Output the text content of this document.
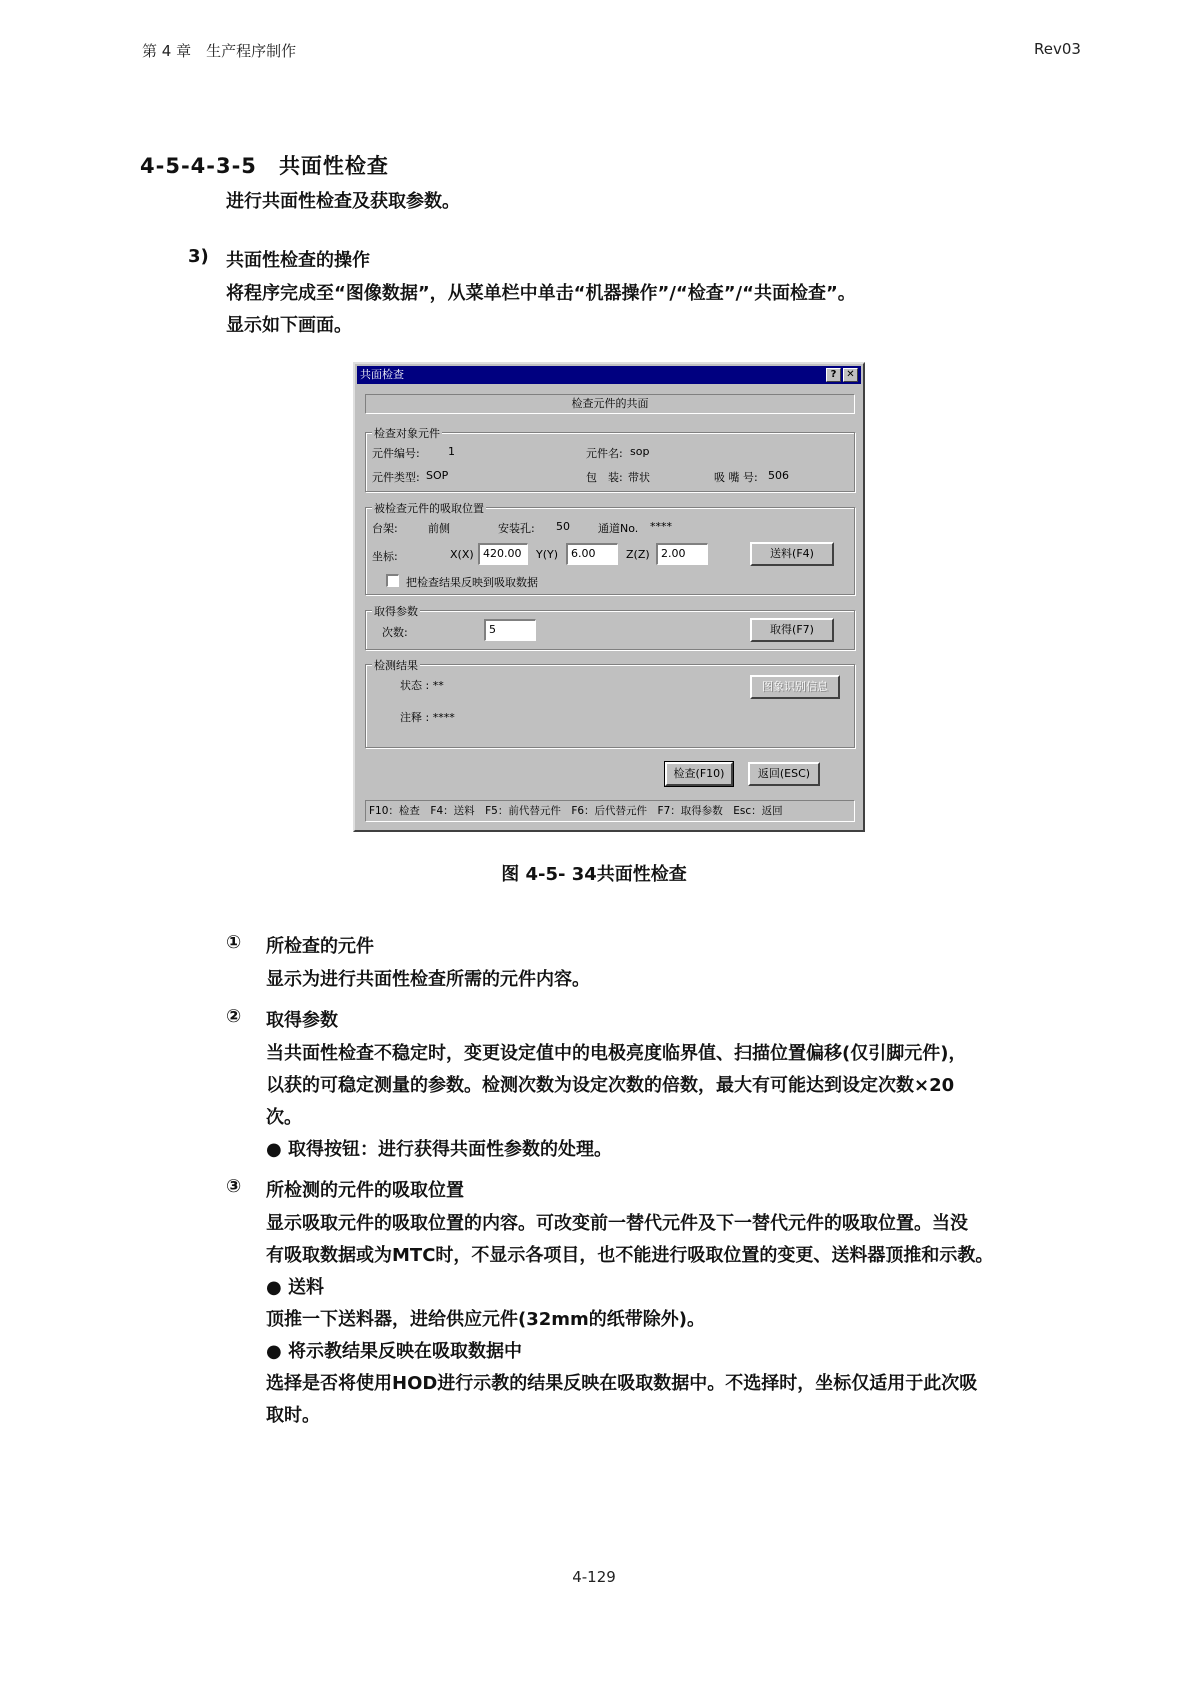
第 4 章　生产程序制作	Rev03
4-5-4-3-5 共面性检查
进行共面性检查及获取参数。
3) 共面性检查的操作
将程序完成至“图像数据”，从菜单栏中单击“机器操作”/“检查”/“共面检查”。
显示如下画面。
共面检查	? ✕
检查元件的共面
检查对象元件
元件编号:	1	元件名: sop
元件类型: SOP	包　装: 带状	吸 嘴 号: 506
被检查元件的吸取位置
台架:	前侧	安装孔: 50	通道No. ****
坐标:	X(X) 420.00	Y(Y)	6.00	Z(Z)	2.00	送料(F4)
把检查结果反映到吸取数据
取得参数
次数:	5	取得(F7)
检测结果
状态 : **
注释 : ****
图象识别信息
检查(F10)	返回(ESC)
F10：检查　F4：送料　F5：前代替元件　F6：后代替元件　F7：取得参数　Esc：返回
图 4-5- 34共面性检查
① 所检查的元件
显示为进行共面性检查所需的元件内容。
② 取得参数
当共面性检查不稳定时，变更设定值中的电极亮度临界值、扫描位置偏移(仅引脚元件)，
以获的可稳定测量的参数。检测次数为设定次数的倍数，最大有可能达到设定次数×20
次。
● 取得按钮：进行获得共面性参数的处理。
③ 所检测的元件的吸取位置
显示吸取元件的吸取位置的内容。可改变前一替代元件及下一替代元件的吸取位置。当没
有吸取数据或为MTC时，不显示各项目，也不能进行吸取位置的变更、送料器顶推和示教。
● 送料
顶推一下送料器，进给供应元件(32mm的纸带除外)。
● 将示教结果反映在吸取数据中
选择是否将使用HOD进行示教的结果反映在吸取数据中。不选择时，坐标仅适用于此次吸
取时。
4-129
